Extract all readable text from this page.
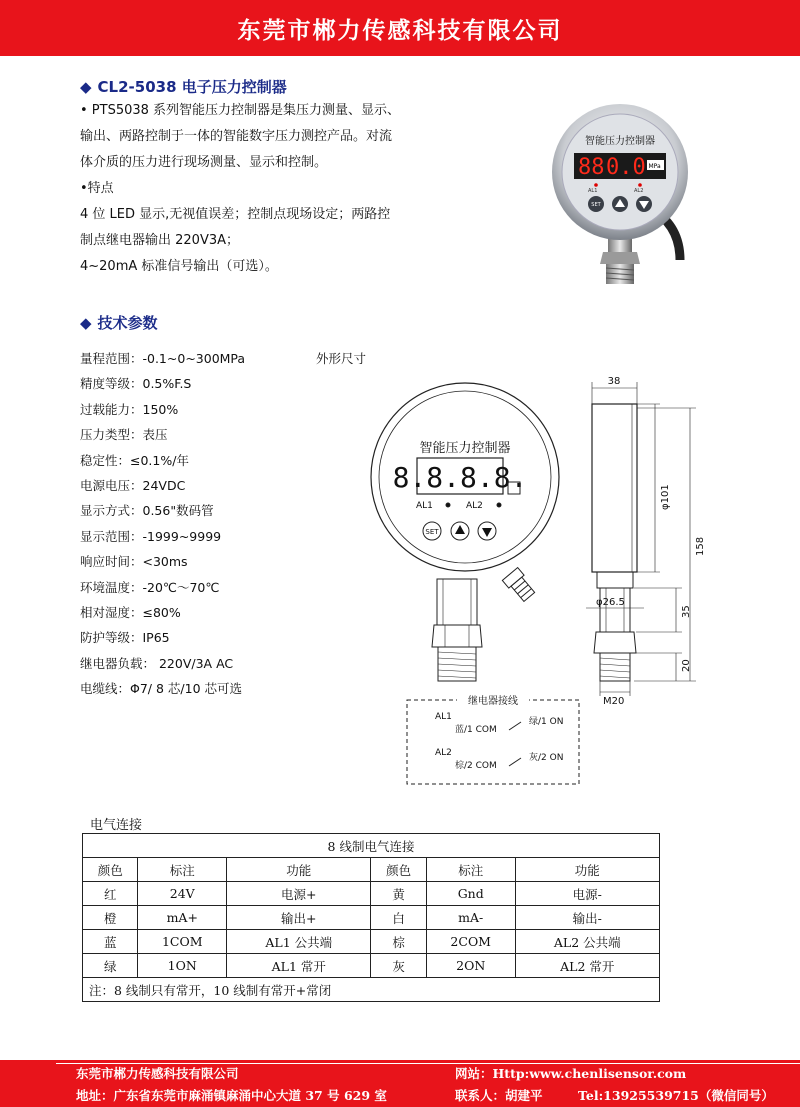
东莞市郴力传感科技有限公司
◆ CL2-5038 电子压力控制器

• PTS5038 系列智能压力控制器是集压力测量、显示、

输出、两路控制于一体的智能数字压力测控产品。对流

体介质的压力进行现场测量、显示和控制。

•特点

4 位 LED 显示,无视值误差；控制点现场设定；两路控

制点继电器输出 220V3A；

4~20mA 标准信号输出（可选）。

智能压力控制器
88 0.0 MPa
AL1	AL2
SET
◆ 技术参数
量程范围：-0.1~0~300MPa
精度等级：0.5%F.S
过载能力：150%
压力类型：表压
稳定性：≤0.1%/年
电源电压：24VDC
显示方式：0.56"数码管
显示范围：-1999~9999
响应时间：<30ms
环境温度：-20℃～70℃
相对湿度：≤80%
防护等级：IP65
继电器负载： 220V/3A AC
电缆线：Φ7/ 8 芯/10 芯可选
外形尺寸
智能压力控制器
8.8.8.8.
AL1	AL2
SET
38
φ101
158
φ26.5
35
20
M20
继电器接线
AL1
蓝/1 COM
绿/1 ON
AL2
棕/2 COM
灰/2 ON
电气连接
8 线制电气连接					
颜色	标注	功能	颜色	标注	功能
红	24V	电源+	黄	Gnd	电源-
橙	mA+	输出+	白	mA-	输出-
蓝	1COM	AL1 公共端	棕	2COM	AL2 公共端
绿	1ON	AL1 常开	灰	2ON	AL2 常开
注：8 线制只有常开，10 线制有常开+常闭					
东莞市郴力传感科技有限公司
地址：广东省东莞市麻涌镇麻涌中心大道 37 号 629 室
网站：Http:www.chenlisensor.com
联系人：胡建平	Tel:13925539715（微信同号）
